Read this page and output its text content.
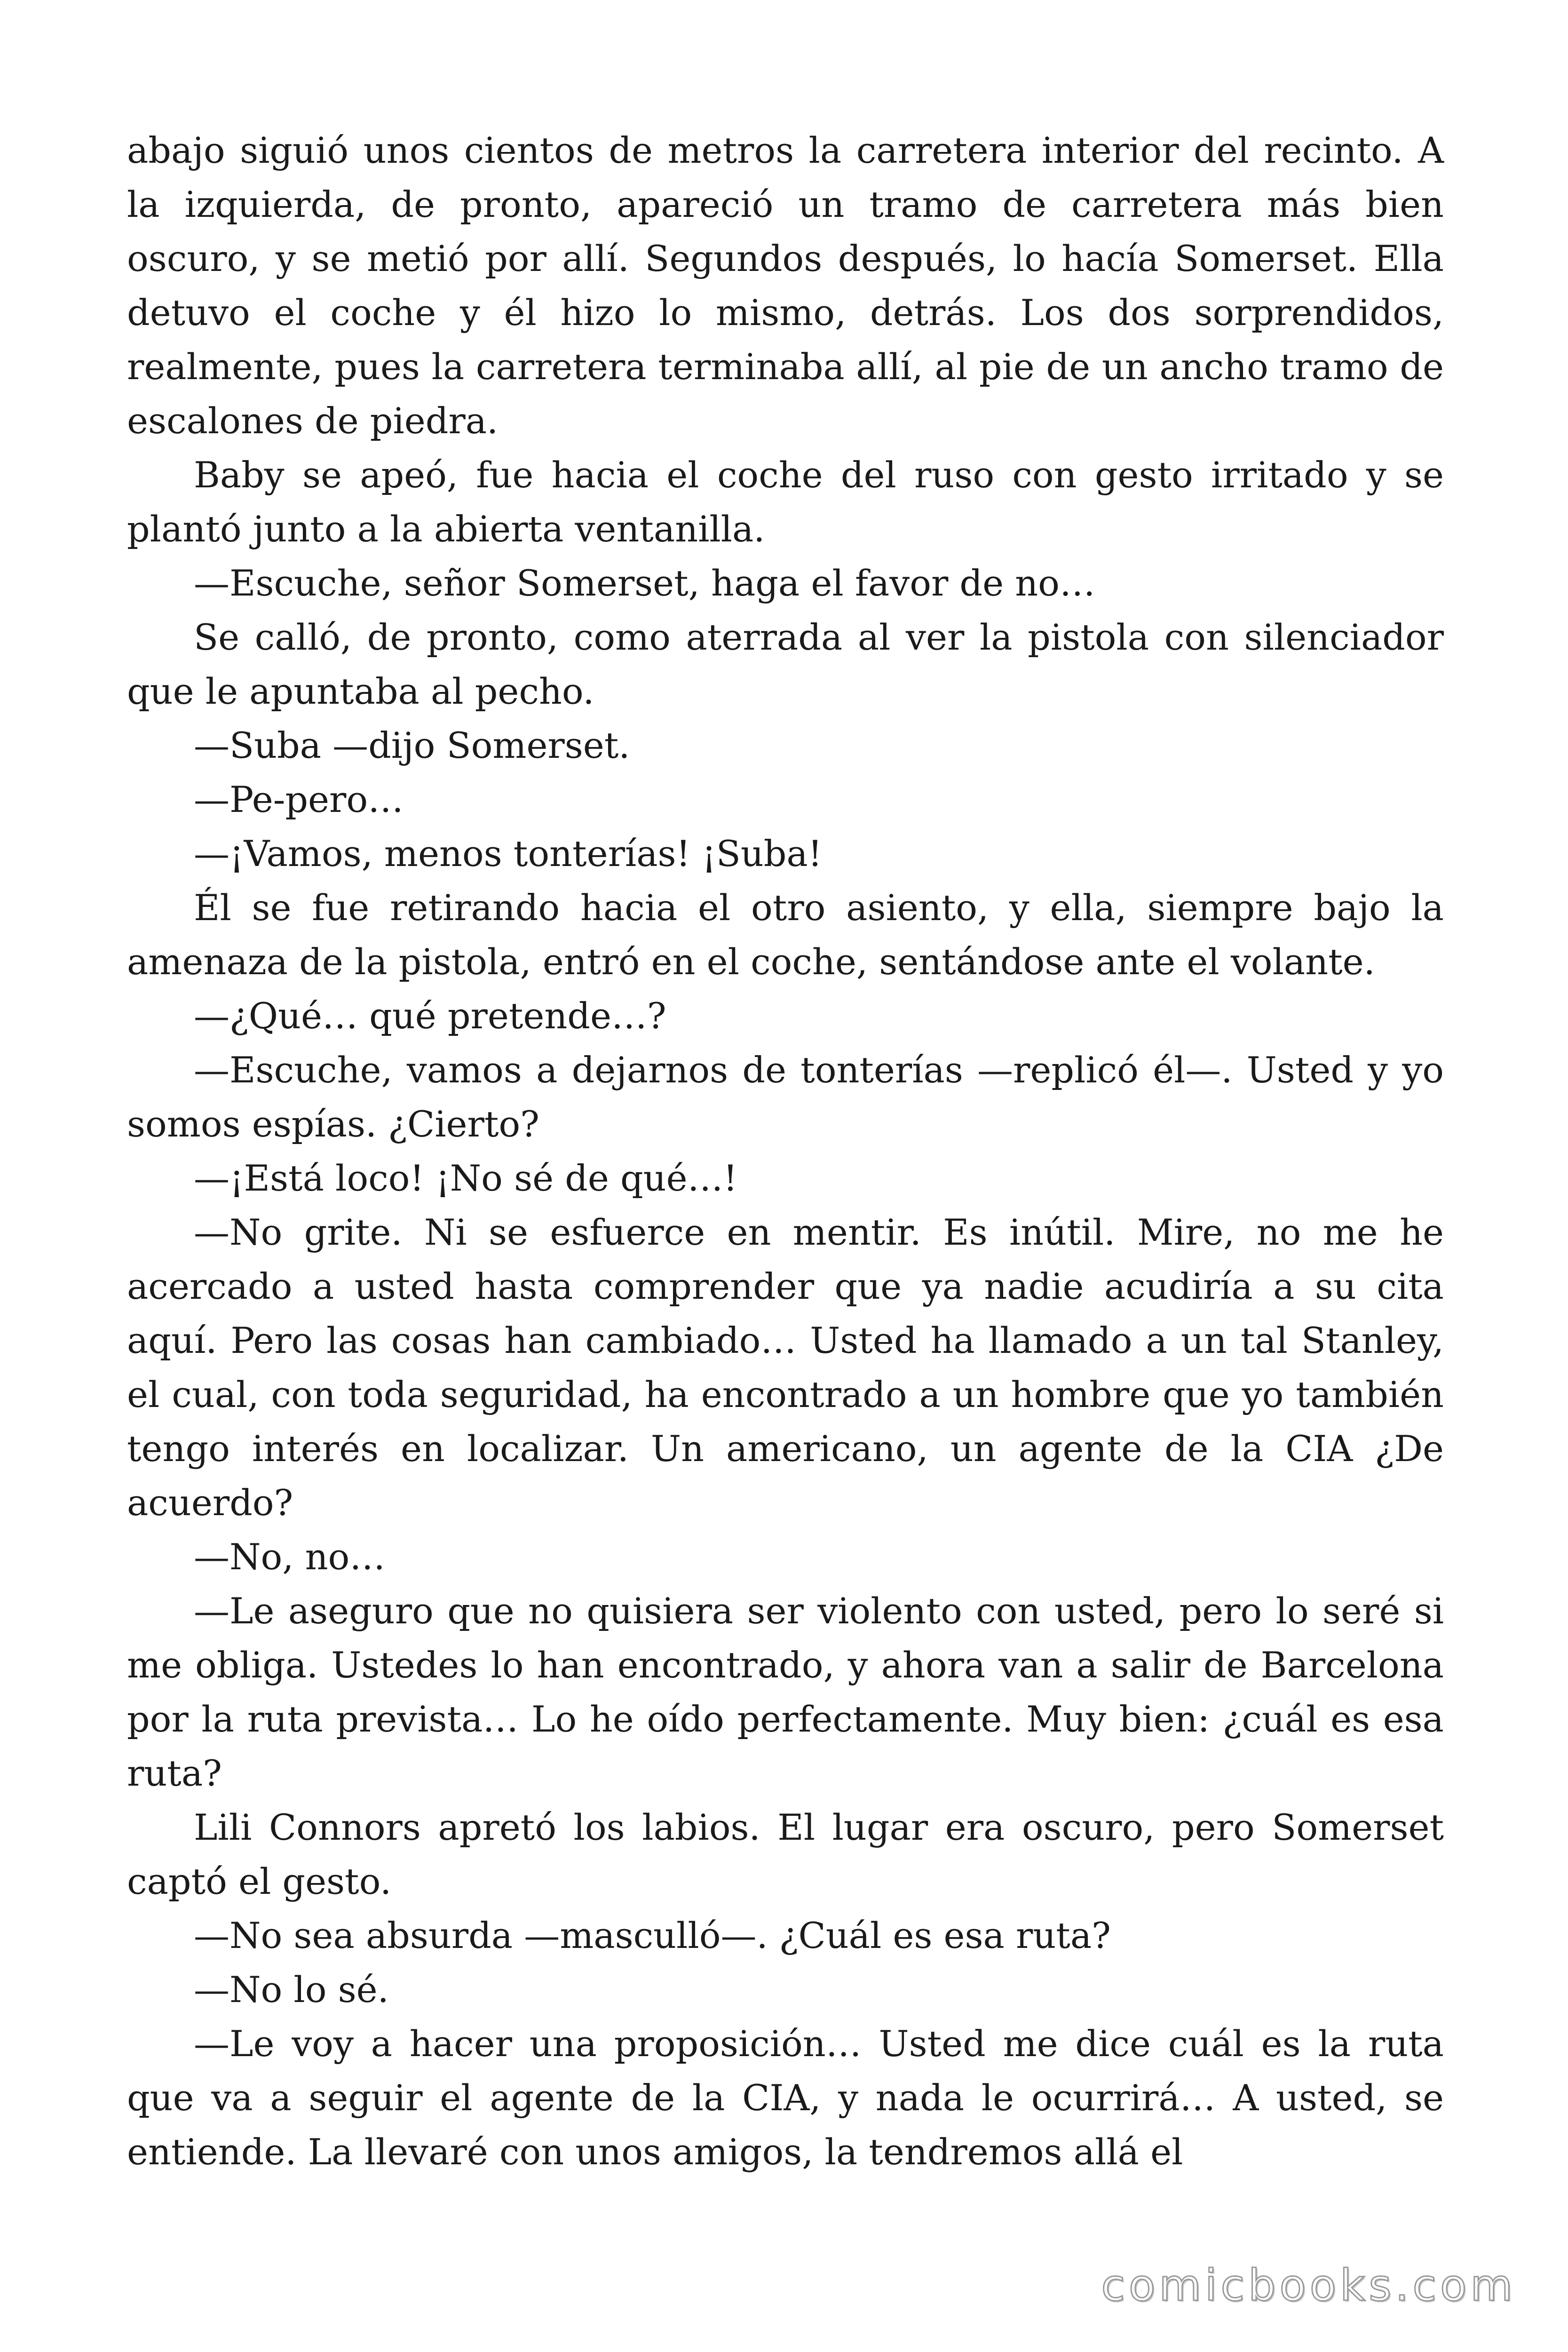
abajo siguió unos cientos de metros la carretera interior del recinto. A la izquierda, de pronto, apareció un tramo de carretera más bien oscuro, y se metió por allí. Segundos después, lo hacía Somerset. Ella detuvo el coche y él hizo lo mismo, detrás. Los dos sorprendidos, realmente, pues la carretera terminaba allí, al pie de un ancho tramo de escalones de piedra.

Baby se apeó, fue hacia el coche del ruso con gesto irritado y se plantó junto a la abierta ventanilla.

—Escuche, señor Somerset, haga el favor de no…

Se calló, de pronto, como aterrada al ver la pistola con silenciador que le apuntaba al pecho.

—Suba —dijo Somerset.

—Pe-pero…

—¡Vamos, menos tonterías! ¡Suba!

Él se fue retirando hacia el otro asiento, y ella, siempre bajo la amenaza de la pistola, entró en el coche, sentándose ante el volante.

—¿Qué… qué pretende…?

—Escuche, vamos a dejarnos de tonterías —replicó él—. Usted y yo somos espías. ¿Cierto?

—¡Está loco! ¡No sé de qué…!

—No grite. Ni se esfuerce en mentir. Es inútil. Mire, no me he acercado a usted hasta comprender que ya nadie acudiría a su cita aquí. Pero las cosas han cambiado… Usted ha llamado a un tal Stanley, el cual, con toda seguridad, ha encontrado a un hombre que yo también tengo interés en localizar. Un americano, un agente de la CIA ¿De acuerdo?

—No, no…

—Le aseguro que no quisiera ser violento con usted, pero lo seré si me obliga. Ustedes lo han encontrado, y ahora van a salir de Barcelona por la ruta prevista… Lo he oído perfectamente. Muy bien: ¿cuál es esa ruta?

Lili Connors apretó los labios. El lugar era oscuro, pero Somerset captó el gesto.

—No sea absurda —masculló—. ¿Cuál es esa ruta?

—No lo sé.

—Le voy a hacer una proposición… Usted me dice cuál es la ruta que va a seguir el agente de la CIA, y nada le ocurrirá… A usted, se entiende. La llevaré con unos amigos, la tendremos allá el

comicbooks.com
